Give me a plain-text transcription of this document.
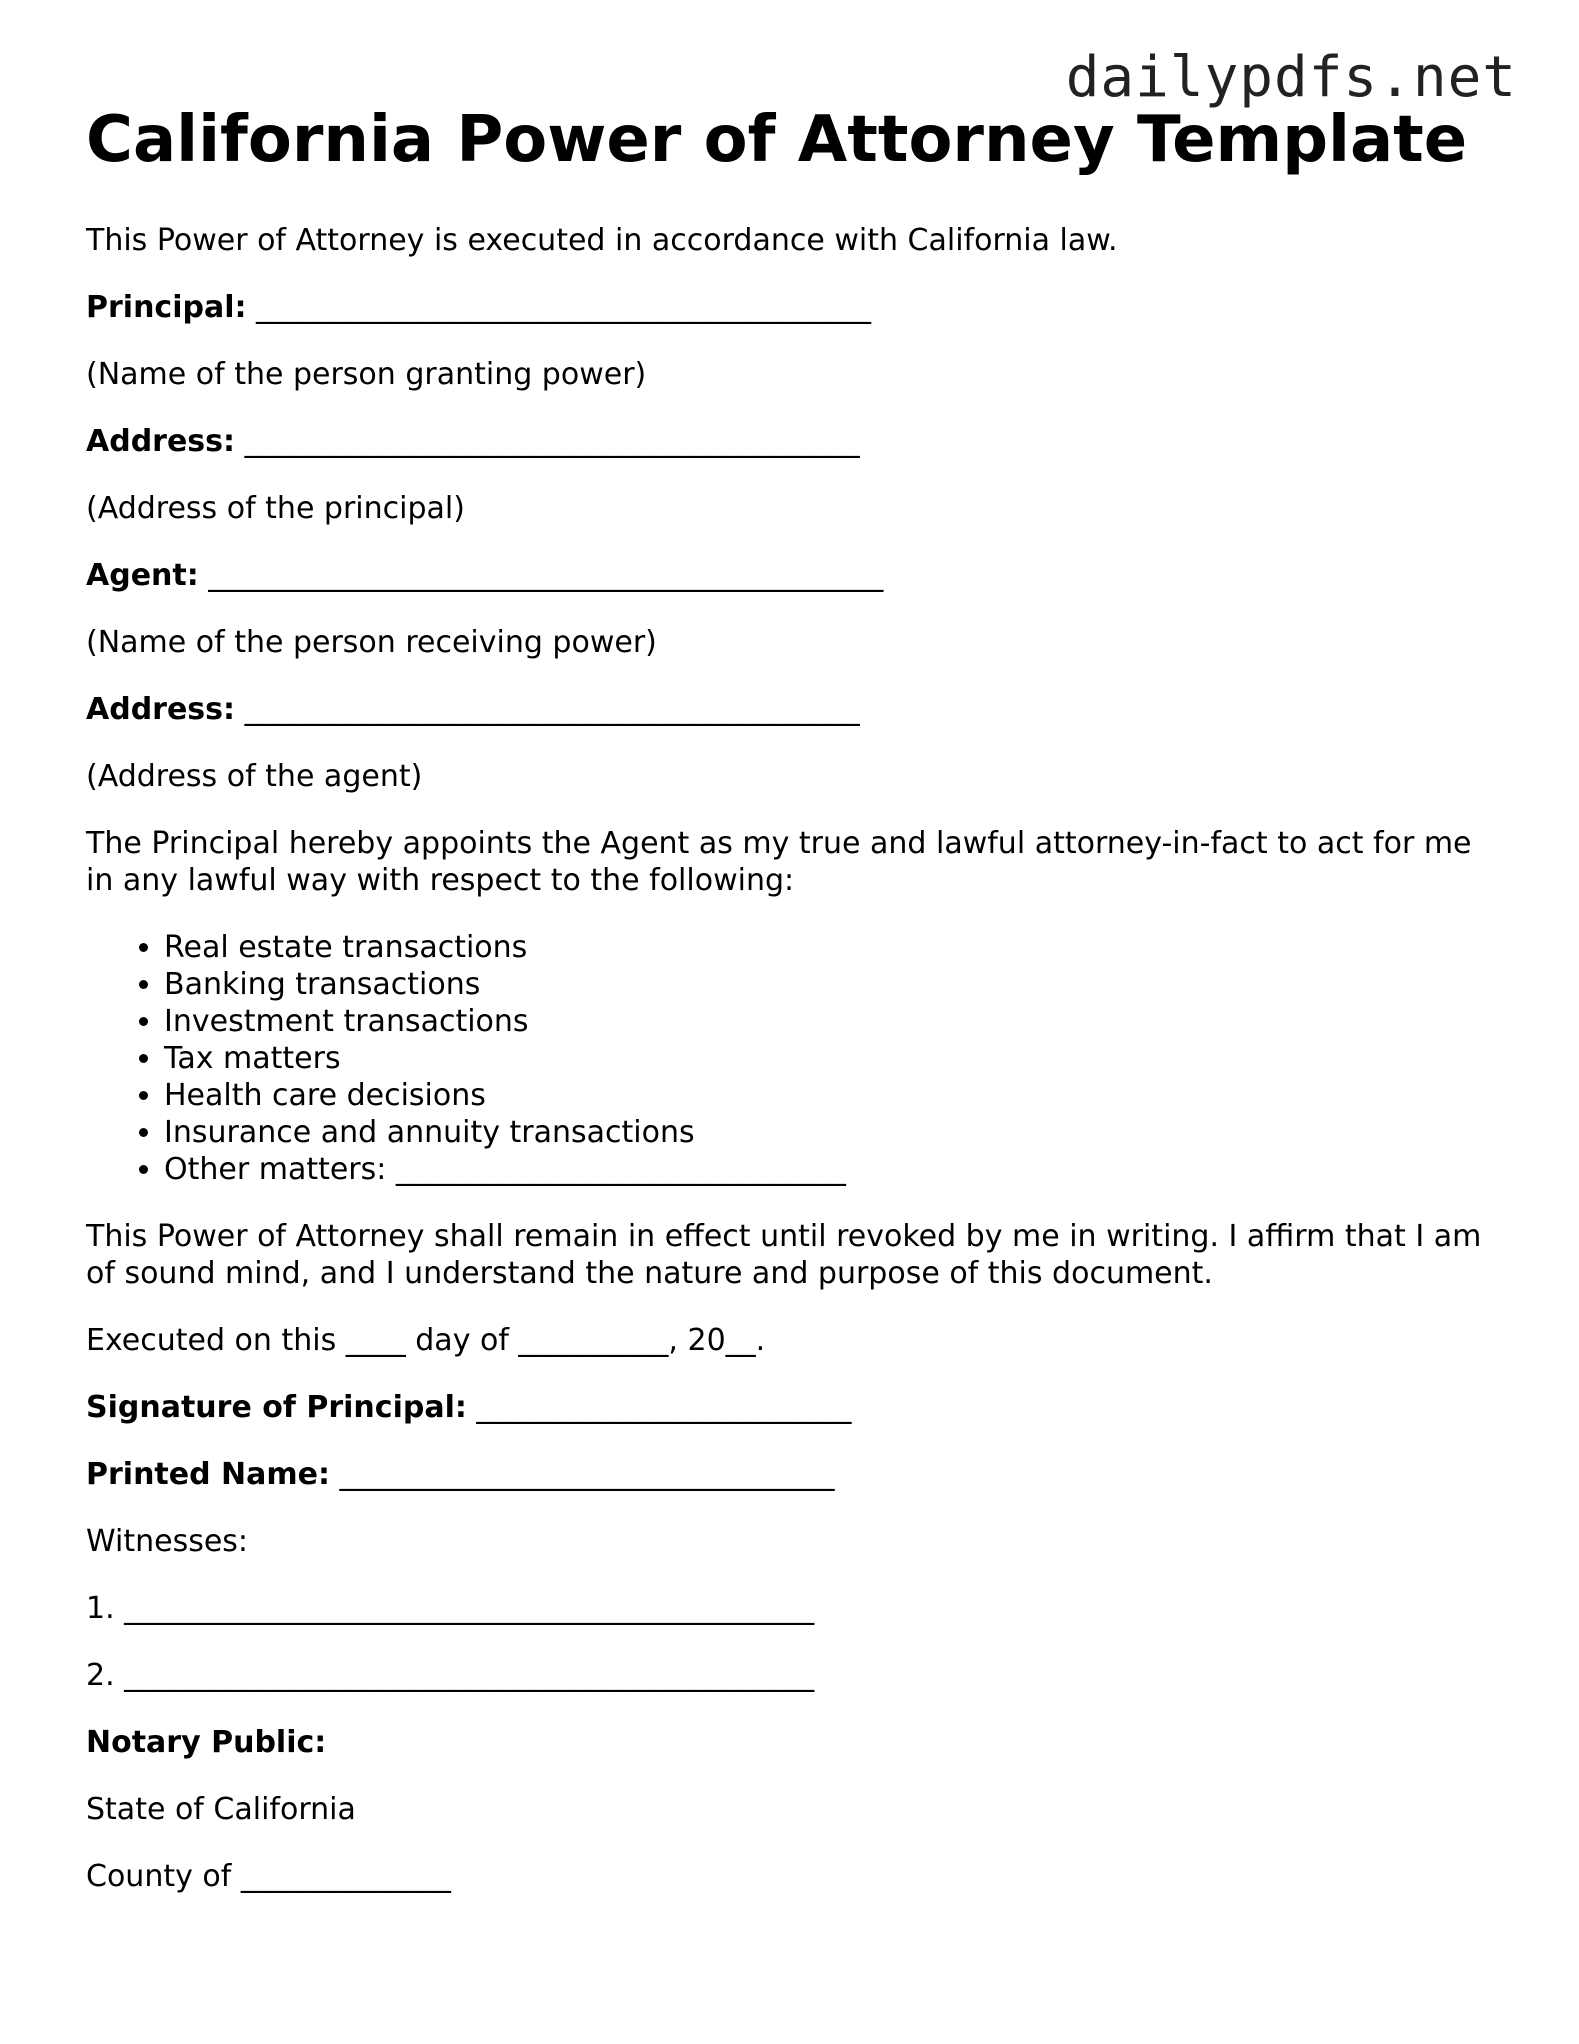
dailypdfs.net
California Power of Attorney Template

This Power of Attorney is executed in accordance with California law.

Principal: _________________________________________

(Name of the person granting power)

Address: _________________________________________

(Address of the principal)

Agent: _____________________________________________

(Name of the person receiving power)

Address: _________________________________________

(Address of the agent)

The Principal hereby appoints the Agent as my true and lawful attorney-in-fact to act for me in any lawful way with respect to the following:

• Real estate transactions
• Banking transactions
• Investment transactions
• Tax matters
• Health care decisions
• Insurance and annuity transactions
• Other matters: ______________________________

This Power of Attorney shall remain in effect until revoked by me in writing. I affirm that I am of sound mind, and I understand the nature and purpose of this document.

Executed on this ____ day of __________, 20__.

Signature of Principal: _________________________

Printed Name: _________________________________

Witnesses:

1. ______________________________________________

2. ______________________________________________

Notary Public:

State of California

County of ______________
